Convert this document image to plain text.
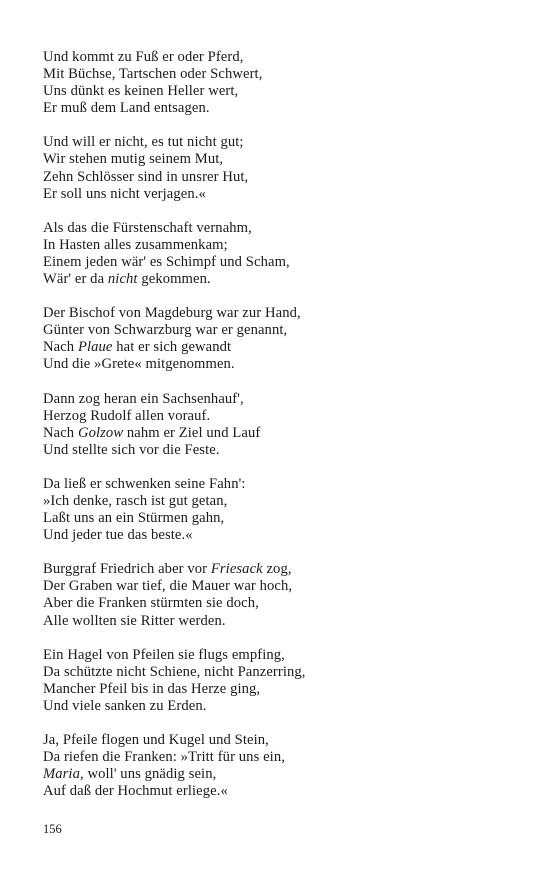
Und kommt zu Fuß er oder Pferd,
Mit Büchse, Tartschen oder Schwert,
Uns dünkt es keinen Heller wert,
Er muß dem Land entsagen.
Und will er nicht, es tut nicht gut;
Wir stehen mutig seinem Mut,
Zehn Schlösser sind in unsrer Hut,
Er soll uns nicht verjagen.«
Als das die Fürstenschaft vernahm,
In Hasten alles zusammenkam;
Einem jeden wär' es Schimpf und Scham,
Wär' er da nicht gekommen.
Der Bischof von Magdeburg war zur Hand,
Günter von Schwarzburg war er genannt,
Nach Plaue hat er sich gewandt
Und die »Grete« mitgenommen.
Dann zog heran ein Sachsenhauf',
Herzog Rudolf allen vorauf.
Nach Golzow nahm er Ziel und Lauf
Und stellte sich vor die Feste.
Da ließ er schwenken seine Fahn':
»Ich denke, rasch ist gut getan,
Laßt uns an ein Stürmen gahn,
Und jeder tue das beste.«
Burggraf Friedrich aber vor Friesack zog,
Der Graben war tief, die Mauer war hoch,
Aber die Franken stürmten sie doch,
Alle wollten sie Ritter werden.
Ein Hagel von Pfeilen sie flugs empfing,
Da schützte nicht Schiene, nicht Panzerring,
Mancher Pfeil bis in das Herze ging,
Und viele sanken zu Erden.
Ja, Pfeile flogen und Kugel und Stein,
Da riefen die Franken: »Tritt für uns ein,
Maria, woll' uns gnädig sein,
Auf daß der Hochmut erliege.«
156
